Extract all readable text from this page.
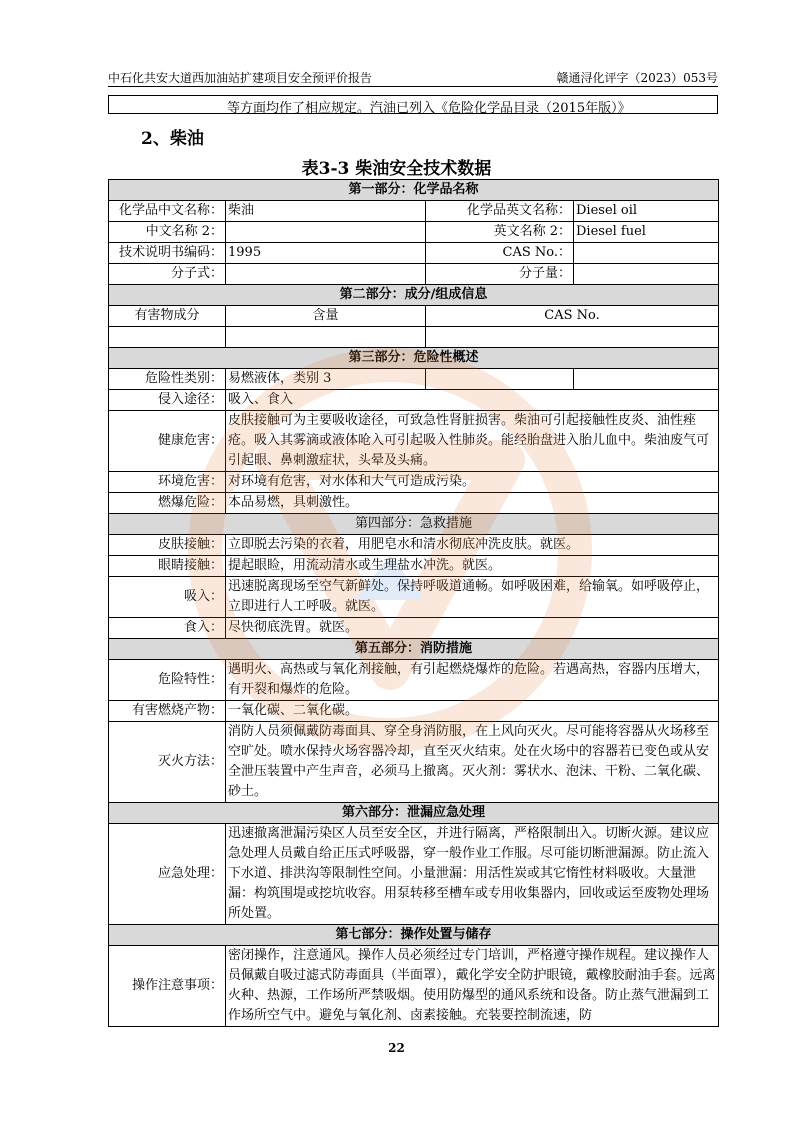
中石化共安大道西加油站扩建项目安全预评价报告	赣通浔化评字（2023）053号
等方面均作了相应规定。汽油已列入《危险化学品目录（2015年版）》
2、柴油
表3-3 柴油安全技术数据
第一部分：化学品名称			
化学品中文名称：	柴油	化学品英文名称：	Diesel oil
中文名称 2：		英文名称 2：	Diesel fuel
技术说明书编码：	1995	CAS No.：	
分子式：		分子量：	
第二部分：成分/组成信息			
有害物成分	含量	CAS No.	

第三部分：危险性概述			
危险性类别：	易燃液体，类别 3		
侵入途径：	吸入、食入		
健康危害：	皮肤接触可为主要吸收途径，可致急性肾脏损害。柴油可引起接触性皮炎、油性痤疮。吸入其雾滴或液体呛入可引起吸入性肺炎。能经胎盘进入胎儿血中。柴油废气可引起眼、鼻刺激症状，头晕及头痛。		
环境危害：	对环境有危害，对水体和大气可造成污染。		
燃爆危险：	本品易燃，具刺激性。		
第四部分：急救措施			
皮肤接触：	立即脱去污染的衣着，用肥皂水和清水彻底冲洗皮肤。就医。		
眼睛接触：	提起眼睑，用流动清水或生理盐水冲洗。就医。		
吸入：	迅速脱离现场至空气新鲜处。保持呼吸道通畅。如呼吸困难，给输氧。如呼吸停止，立即进行人工呼吸。就医。		
食入：	尽快彻底洗胃。就医。		
第五部分：消防措施			
危险特性：	遇明火、高热或与氧化剂接触，有引起燃烧爆炸的危险。若遇高热，容器内压增大，有开裂和爆炸的危险。		
有害燃烧产物：	一氧化碳、二氧化碳。		
灭火方法：	消防人员须佩戴防毒面具、穿全身消防服，在上风向灭火。尽可能将容器从火场移至空旷处。喷水保持火场容器冷却，直至灭火结束。处在火场中的容器若已变色或从安全泄压装置中产生声音，必须马上撤离。灭火剂：雾状水、泡沫、干粉、二氧化碳、砂土。		
第六部分：泄漏应急处理			
应急处理：	迅速撤离泄漏污染区人员至安全区，并进行隔离，严格限制出入。切断火源。建议应急处理人员戴自给正压式呼吸器，穿一般作业工作服。尽可能切断泄漏源。防止流入下水道、排洪沟等限制性空间。小量泄漏：用活性炭或其它惰性材料吸收。大量泄漏：构筑围堤或挖坑收容。用泵转移至槽车或专用收集器内，回收或运至废物处理场所处置。		
第七部分：操作处置与储存			
操作注意事项：	密闭操作，注意通风。操作人员必须经过专门培训，严格遵守操作规程。建议操作人员佩戴自吸过滤式防毒面具（半面罩），戴化学安全防护眼镜，戴橡胶耐油手套。远离火种、热源，工作场所严禁吸烟。使用防爆型的通风系统和设备。防止蒸气泄漏到工作场所空气中。避免与氧化剂、卤素接触。充装要控制流速，防		
22
